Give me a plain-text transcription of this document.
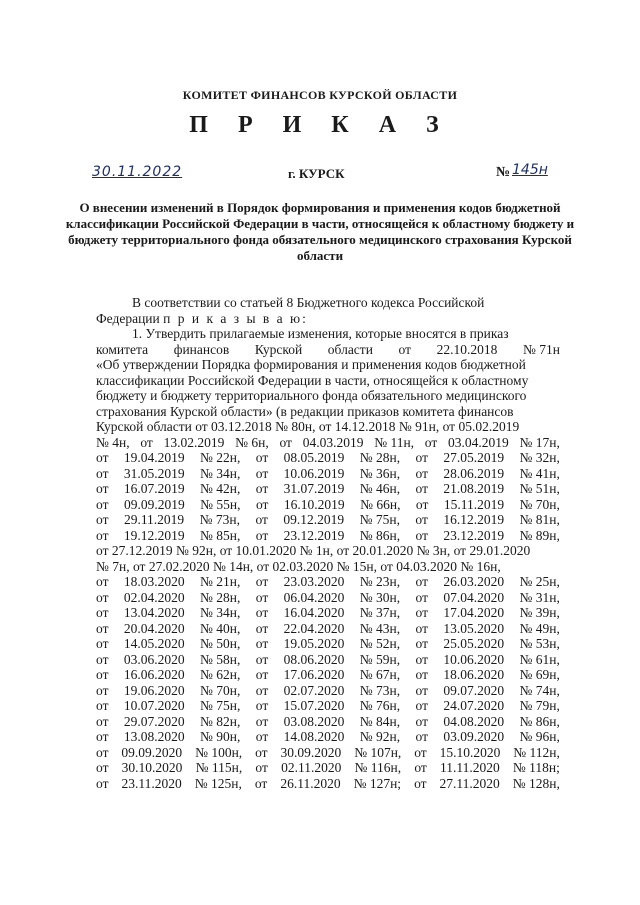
КОМИТЕТ ФИНАНСОВ КУРСКОЙ ОБЛАСТИ
П Р И К А З
30.11.2022	г. КУРСК	№ 145н
О внесении изменений в Порядок формирования и применения кодов бюджетной классификации Российской Федерации в части, относящейся к областному бюджету и бюджету территориального фонда обязательного медицинского страхования Курской области
В соответствии со статьей 8 Бюджетного кодекса Российской
Федерации п р и к а з ы в а ю:
1. Утвердить прилагаемые изменения, которые вносятся в приказ
комитета финансов Курской области от 22.10.2018 № 71н
«Об утверждении Порядка формирования и применения кодов бюджетной
классификации Российской Федерации в части, относящейся к областному
бюджету и бюджету территориального фонда обязательного медицинского
страхования Курской области» (в редакции приказов комитета финансов
Курской области от 03.12.2018 № 80н, от 14.12.2018 № 91н, от 05.02.2019
№ 4н, от 13.02.2019 № 6н, от 04.03.2019 № 11н, от 03.04.2019 № 17н,
от 19.04.2019 № 22н, от 08.05.2019 № 28н, от 27.05.2019 № 32н,
от 31.05.2019 № 34н, от 10.06.2019 № 36н, от 28.06.2019 № 41н,
от 16.07.2019 № 42н, от 31.07.2019 № 46н, от 21.08.2019 № 51н,
от 09.09.2019 № 55н, от 16.10.2019 № 66н, от 15.11.2019 № 70н,
от 29.11.2019 № 73н, от 09.12.2019 № 75н, от 16.12.2019 № 81н,
от 19.12.2019 № 85н, от 23.12.2019 № 86н, от 23.12.2019 № 89н,
от 27.12.2019 № 92н, от 10.01.2020 № 1н, от 20.01.2020 № 3н, от 29.01.2020
№ 7н, от 27.02.2020 № 14н, от 02.03.2020 № 15н, от 04.03.2020 № 16н,
от 18.03.2020 № 21н, от 23.03.2020 № 23н, от 26.03.2020 № 25н,
от 02.04.2020 № 28н, от 06.04.2020 № 30н, от 07.04.2020 № 31н,
от 13.04.2020 № 34н, от 16.04.2020 № 37н, от 17.04.2020 № 39н,
от 20.04.2020 № 40н, от 22.04.2020 № 43н, от 13.05.2020 № 49н,
от 14.05.2020 № 50н, от 19.05.2020 № 52н, от 25.05.2020 № 53н,
от 03.06.2020 № 58н, от 08.06.2020 № 59н, от 10.06.2020 № 61н,
от 16.06.2020 № 62н, от 17.06.2020 № 67н, от 18.06.2020 № 69н,
от 19.06.2020 № 70н, от 02.07.2020 № 73н, от 09.07.2020 № 74н,
от 10.07.2020 № 75н, от 15.07.2020 № 76н, от 24.07.2020 № 79н,
от 29.07.2020 № 82н, от 03.08.2020 № 84н, от 04.08.2020 № 86н,
от 13.08.2020 № 90н, от 14.08.2020 № 92н, от 03.09.2020 № 96н,
от 09.09.2020 № 100н, от 30.09.2020 № 107н, от 15.10.2020 № 112н,
от 30.10.2020 № 115н, от 02.11.2020 № 116н, от 11.11.2020 № 118н;
от 23.11.2020 № 125н, от 26.11.2020 № 127н; от 27.11.2020 № 128н,
